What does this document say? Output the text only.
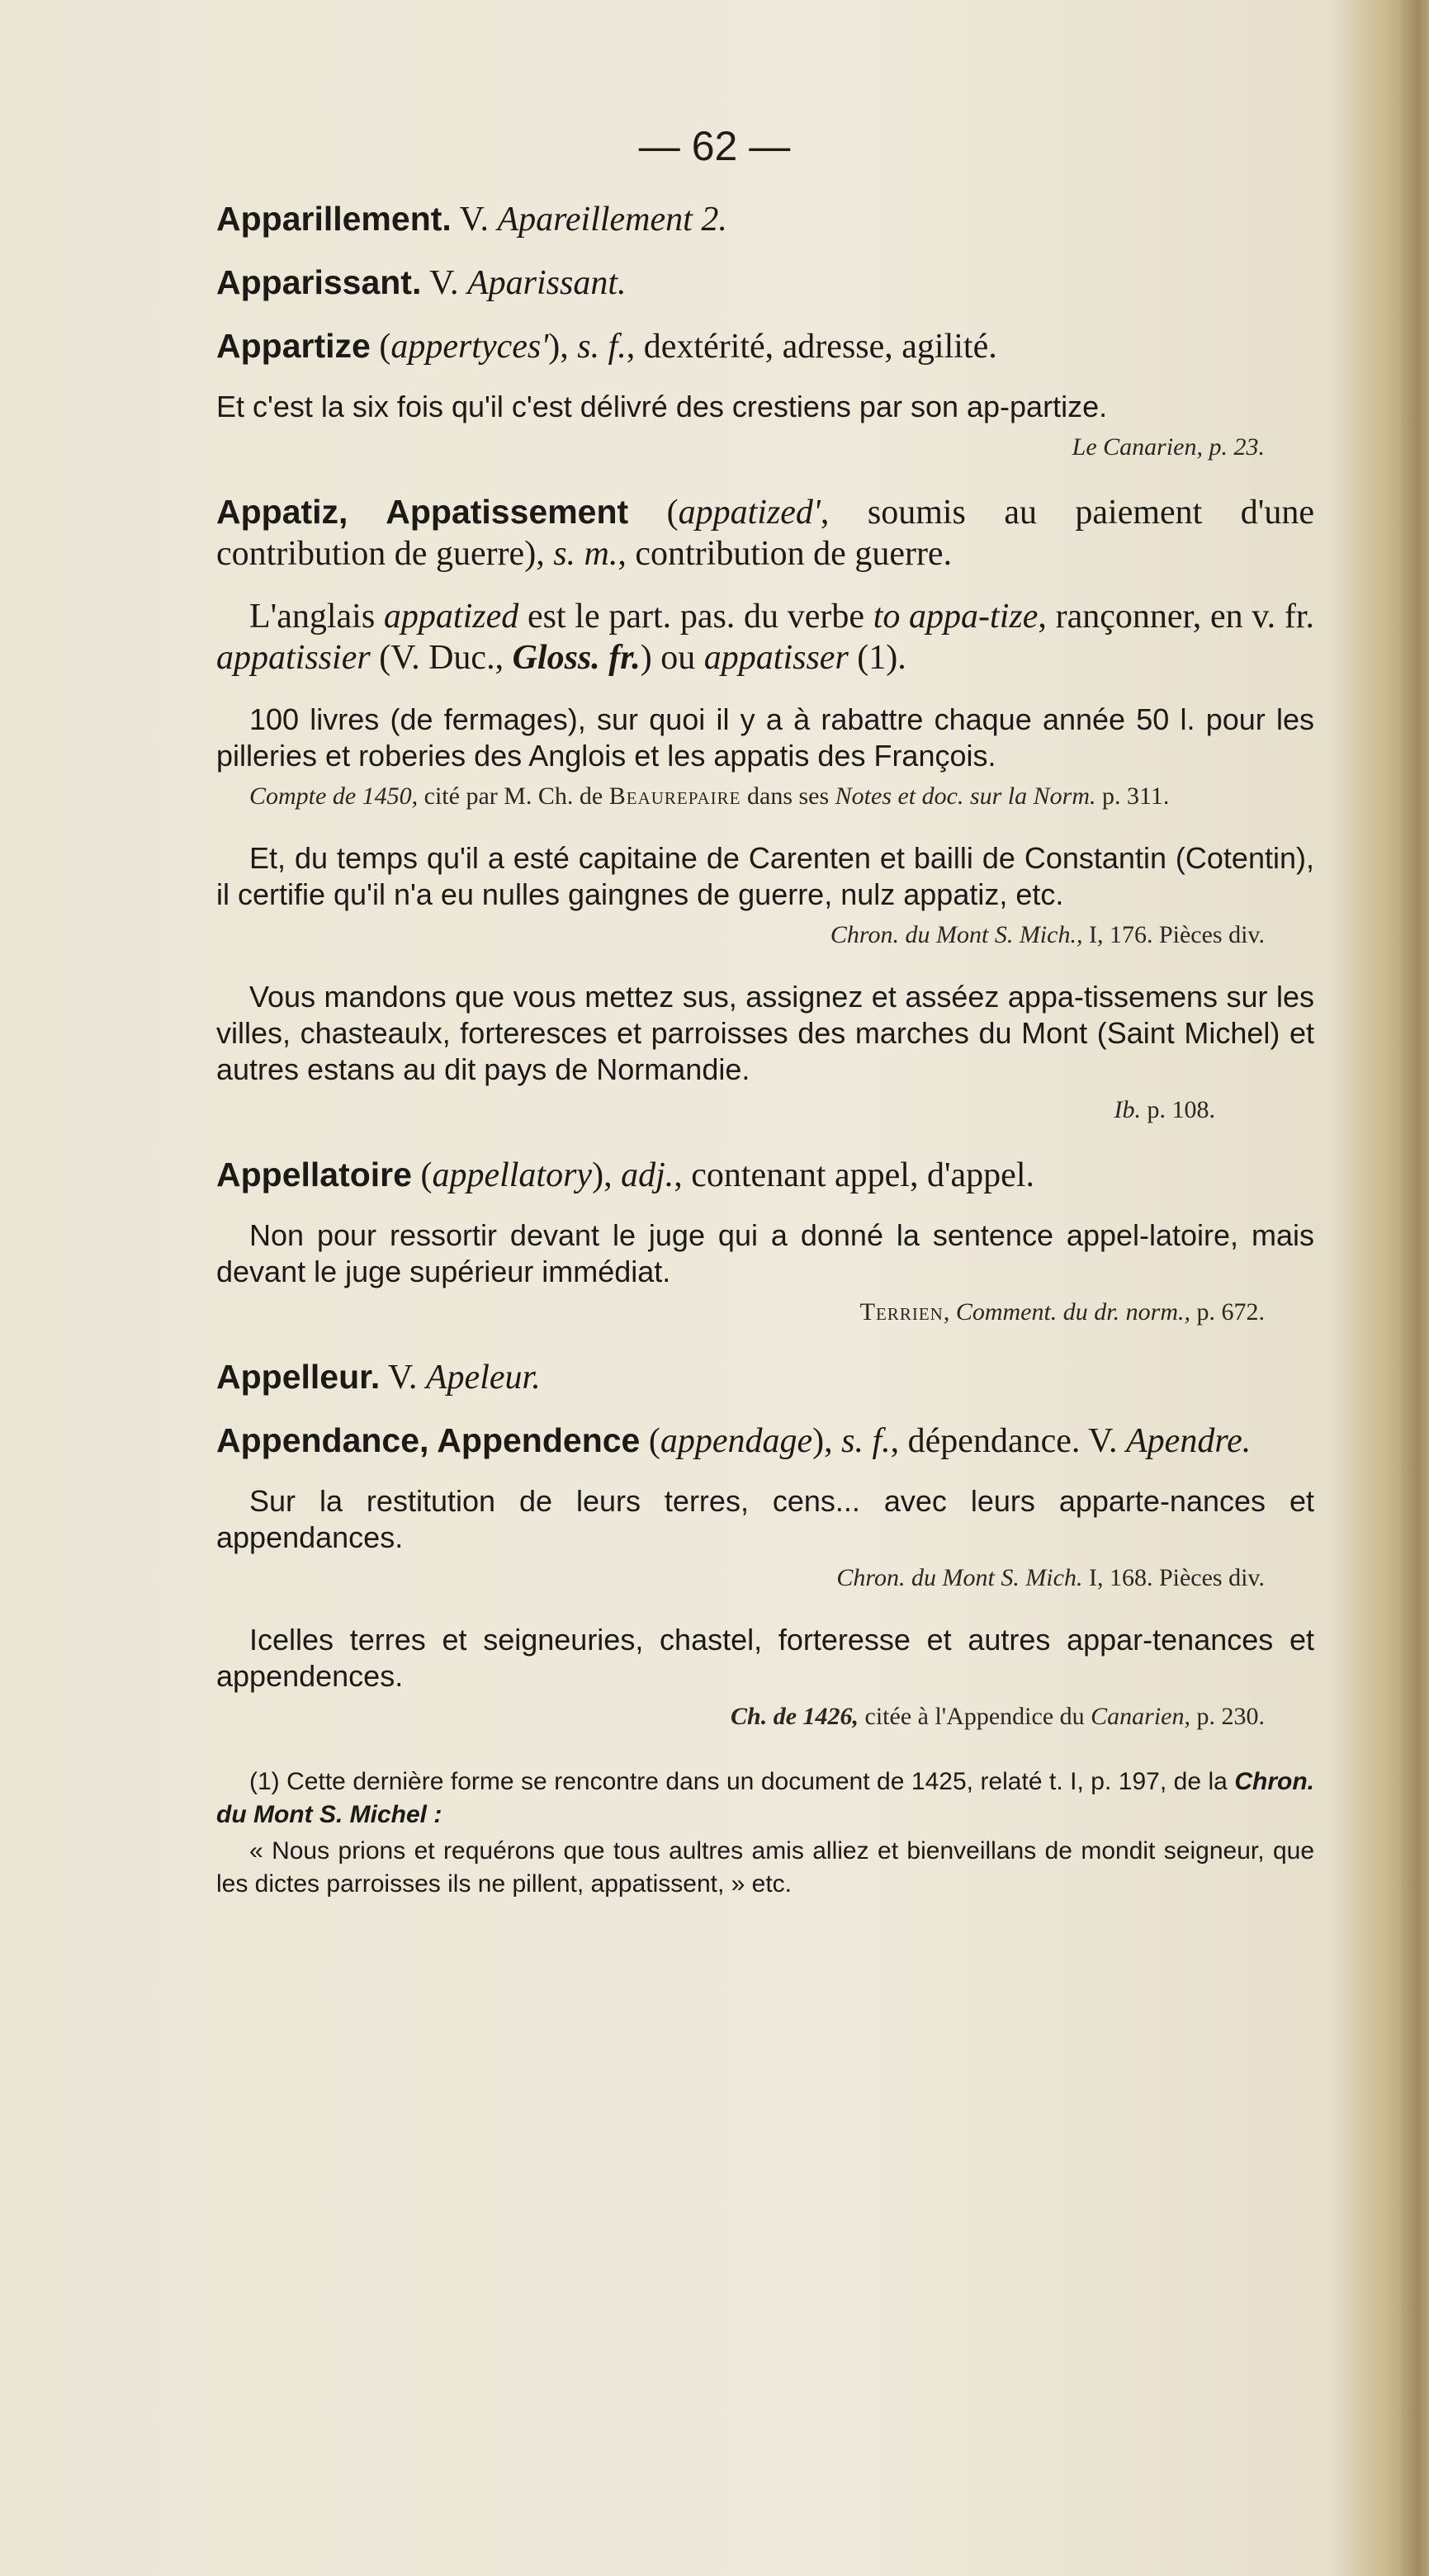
— 62 —

Apparillement. V. Apareillement 2.

Apparissant. V. Aparissant.

Appartize (appertyces'), s. f., dextérité, adresse, agilité.

Et c'est la six fois qu'il c'est délivré des crestiens par son ap-partize.

Le Canarien, p. 23.

Appatiz, Appatissement (appatized', soumis au paiement d'une contribution de guerre), s. m., contribution de guerre.

L'anglais appatized est le part. pas. du verbe to appa-tize, rançonner, en v. fr. appatissier (V. Duc., Gloss. fr.) ou appatisser (1).

100 livres (de fermages), sur quoi il y a à rabattre chaque année 50 l. pour les pilleries et roberies des Anglois et les appatis des François.

Compte de 1450, cité par M. Ch. de Beaurepaire dans ses Notes et doc. sur la Norm. p. 311.

Et, du temps qu'il a esté capitaine de Carenten et bailli de Constantin (Cotentin), il certifie qu'il n'a eu nulles gaingnes de guerre, nulz appatiz, etc.

Chron. du Mont S. Mich., I, 176. Pièces div.

Vous mandons que vous mettez sus, assignez et asséez appa-tissemens sur les villes, chasteaulx, forteresces et parroisses des marches du Mont (Saint Michel) et autres estans au dit pays de Normandie.

Ib. p. 108.

Appellatoire (appellatory), adj., contenant appel, d'appel.

Non pour ressortir devant le juge qui a donné la sentence appel-latoire, mais devant le juge supérieur immédiat.

Terrien, Comment. du dr. norm., p. 672.

Appelleur. V. Apeleur.

Appendance, Appendence (appendage), s. f., dépendance. V. Apendre.

Sur la restitution de leurs terres, cens... avec leurs apparte-nances et appendances.

Chron. du Mont S. Mich. I, 168. Pièces div.

Icelles terres et seigneuries, chastel, forteresse et autres appar-tenances et appendences.

Ch. de 1426, citée à l'Appendice du Canarien, p. 230.

(1) Cette dernière forme se rencontre dans un document de 1425, relaté t. I, p. 197, de la Chron. du Mont S. Michel :

« Nous prions et requérons que tous aultres amis alliez et bienveillans de mondit seigneur, que les dictes parroisses ils ne pillent, appatissent, » etc.
